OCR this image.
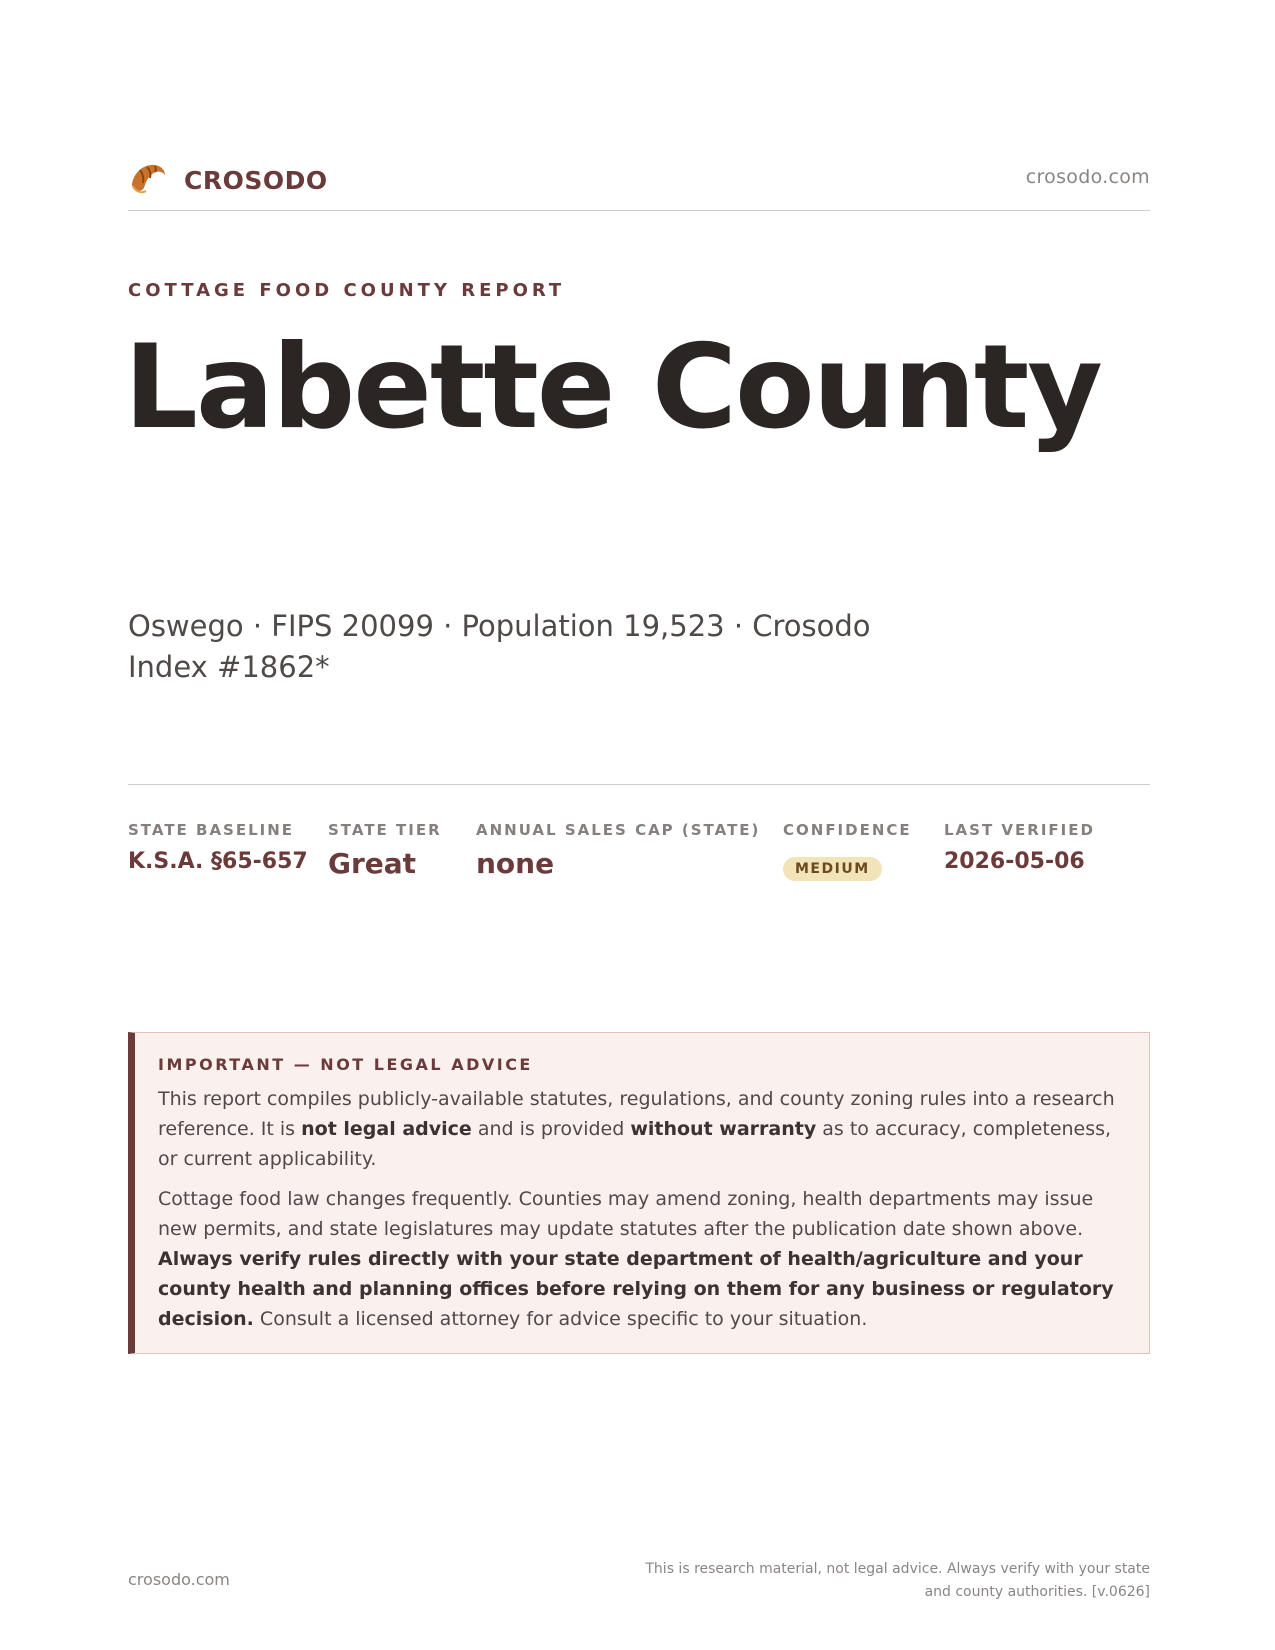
CROSODO	crosodo.com
COTTAGE FOOD COUNTY REPORT
Labette County
Oswego · FIPS 20099 · Population 19,523 · Crosodo Index #1862*
STATE BASELINE
K.S.A. §65-657
STATE TIER
Great
ANNUAL SALES CAP (STATE)
none
CONFIDENCE
MEDIUM
LAST VERIFIED
2026-05-06
IMPORTANT — NOT LEGAL ADVICE

This report compiles publicly-available statutes, regulations, and county zoning rules into a research reference. It is not legal advice and is provided without warranty as to accuracy, completeness, or current applicability.

Cottage food law changes frequently. Counties may amend zoning, health departments may issue new permits, and state legislatures may update statutes after the publication date shown above. Always verify rules directly with your state department of health/agriculture and your county health and planning offices before relying on them for any business or regulatory decision. Consult a licensed attorney for advice specific to your situation.

crosodo.com
This is research material, not legal advice. Always verify with your state
and county authorities. [v.0626]
